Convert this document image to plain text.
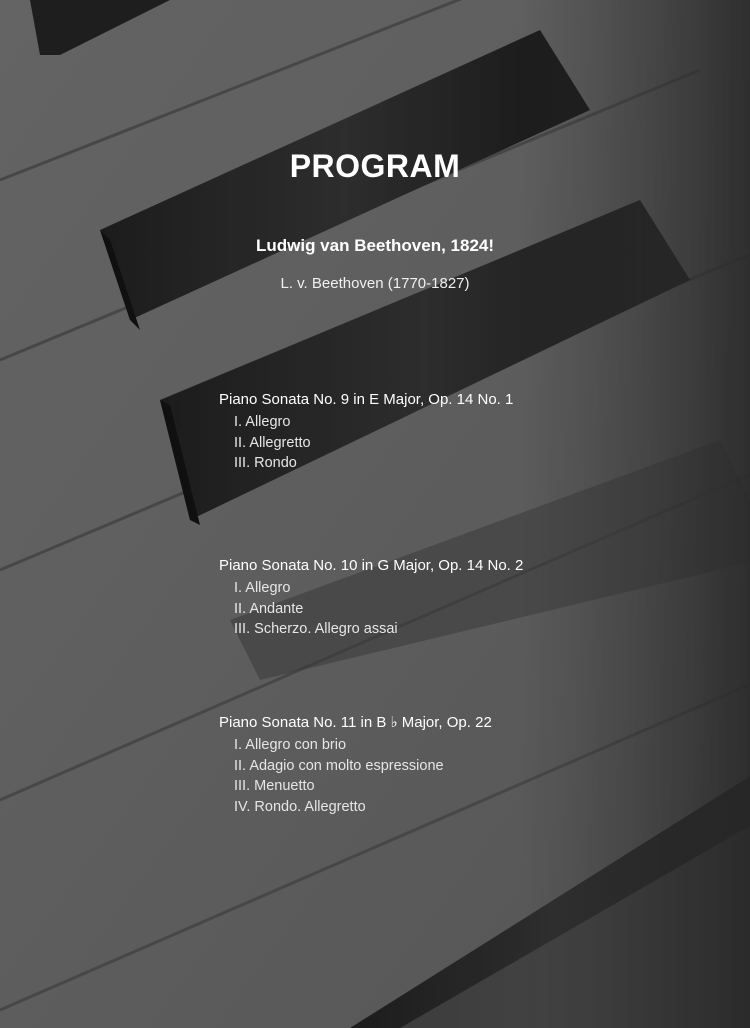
PROGRAM
Ludwig van Beethoven, 1824!
L. v. Beethoven (1770-1827)
Piano Sonata No. 9 in E Major, Op. 14 No. 1
I. Allegro
II. Allegretto
III. Rondo
Piano Sonata No. 10 in G Major, Op. 14 No. 2
I. Allegro
II. Andante
III. Scherzo. Allegro assai
Piano Sonata No. 11 in B ♭ Major, Op. 22
I. Allegro con brio
II. Adagio con molto espressione
III. Menuetto
IV. Rondo. Allegretto
